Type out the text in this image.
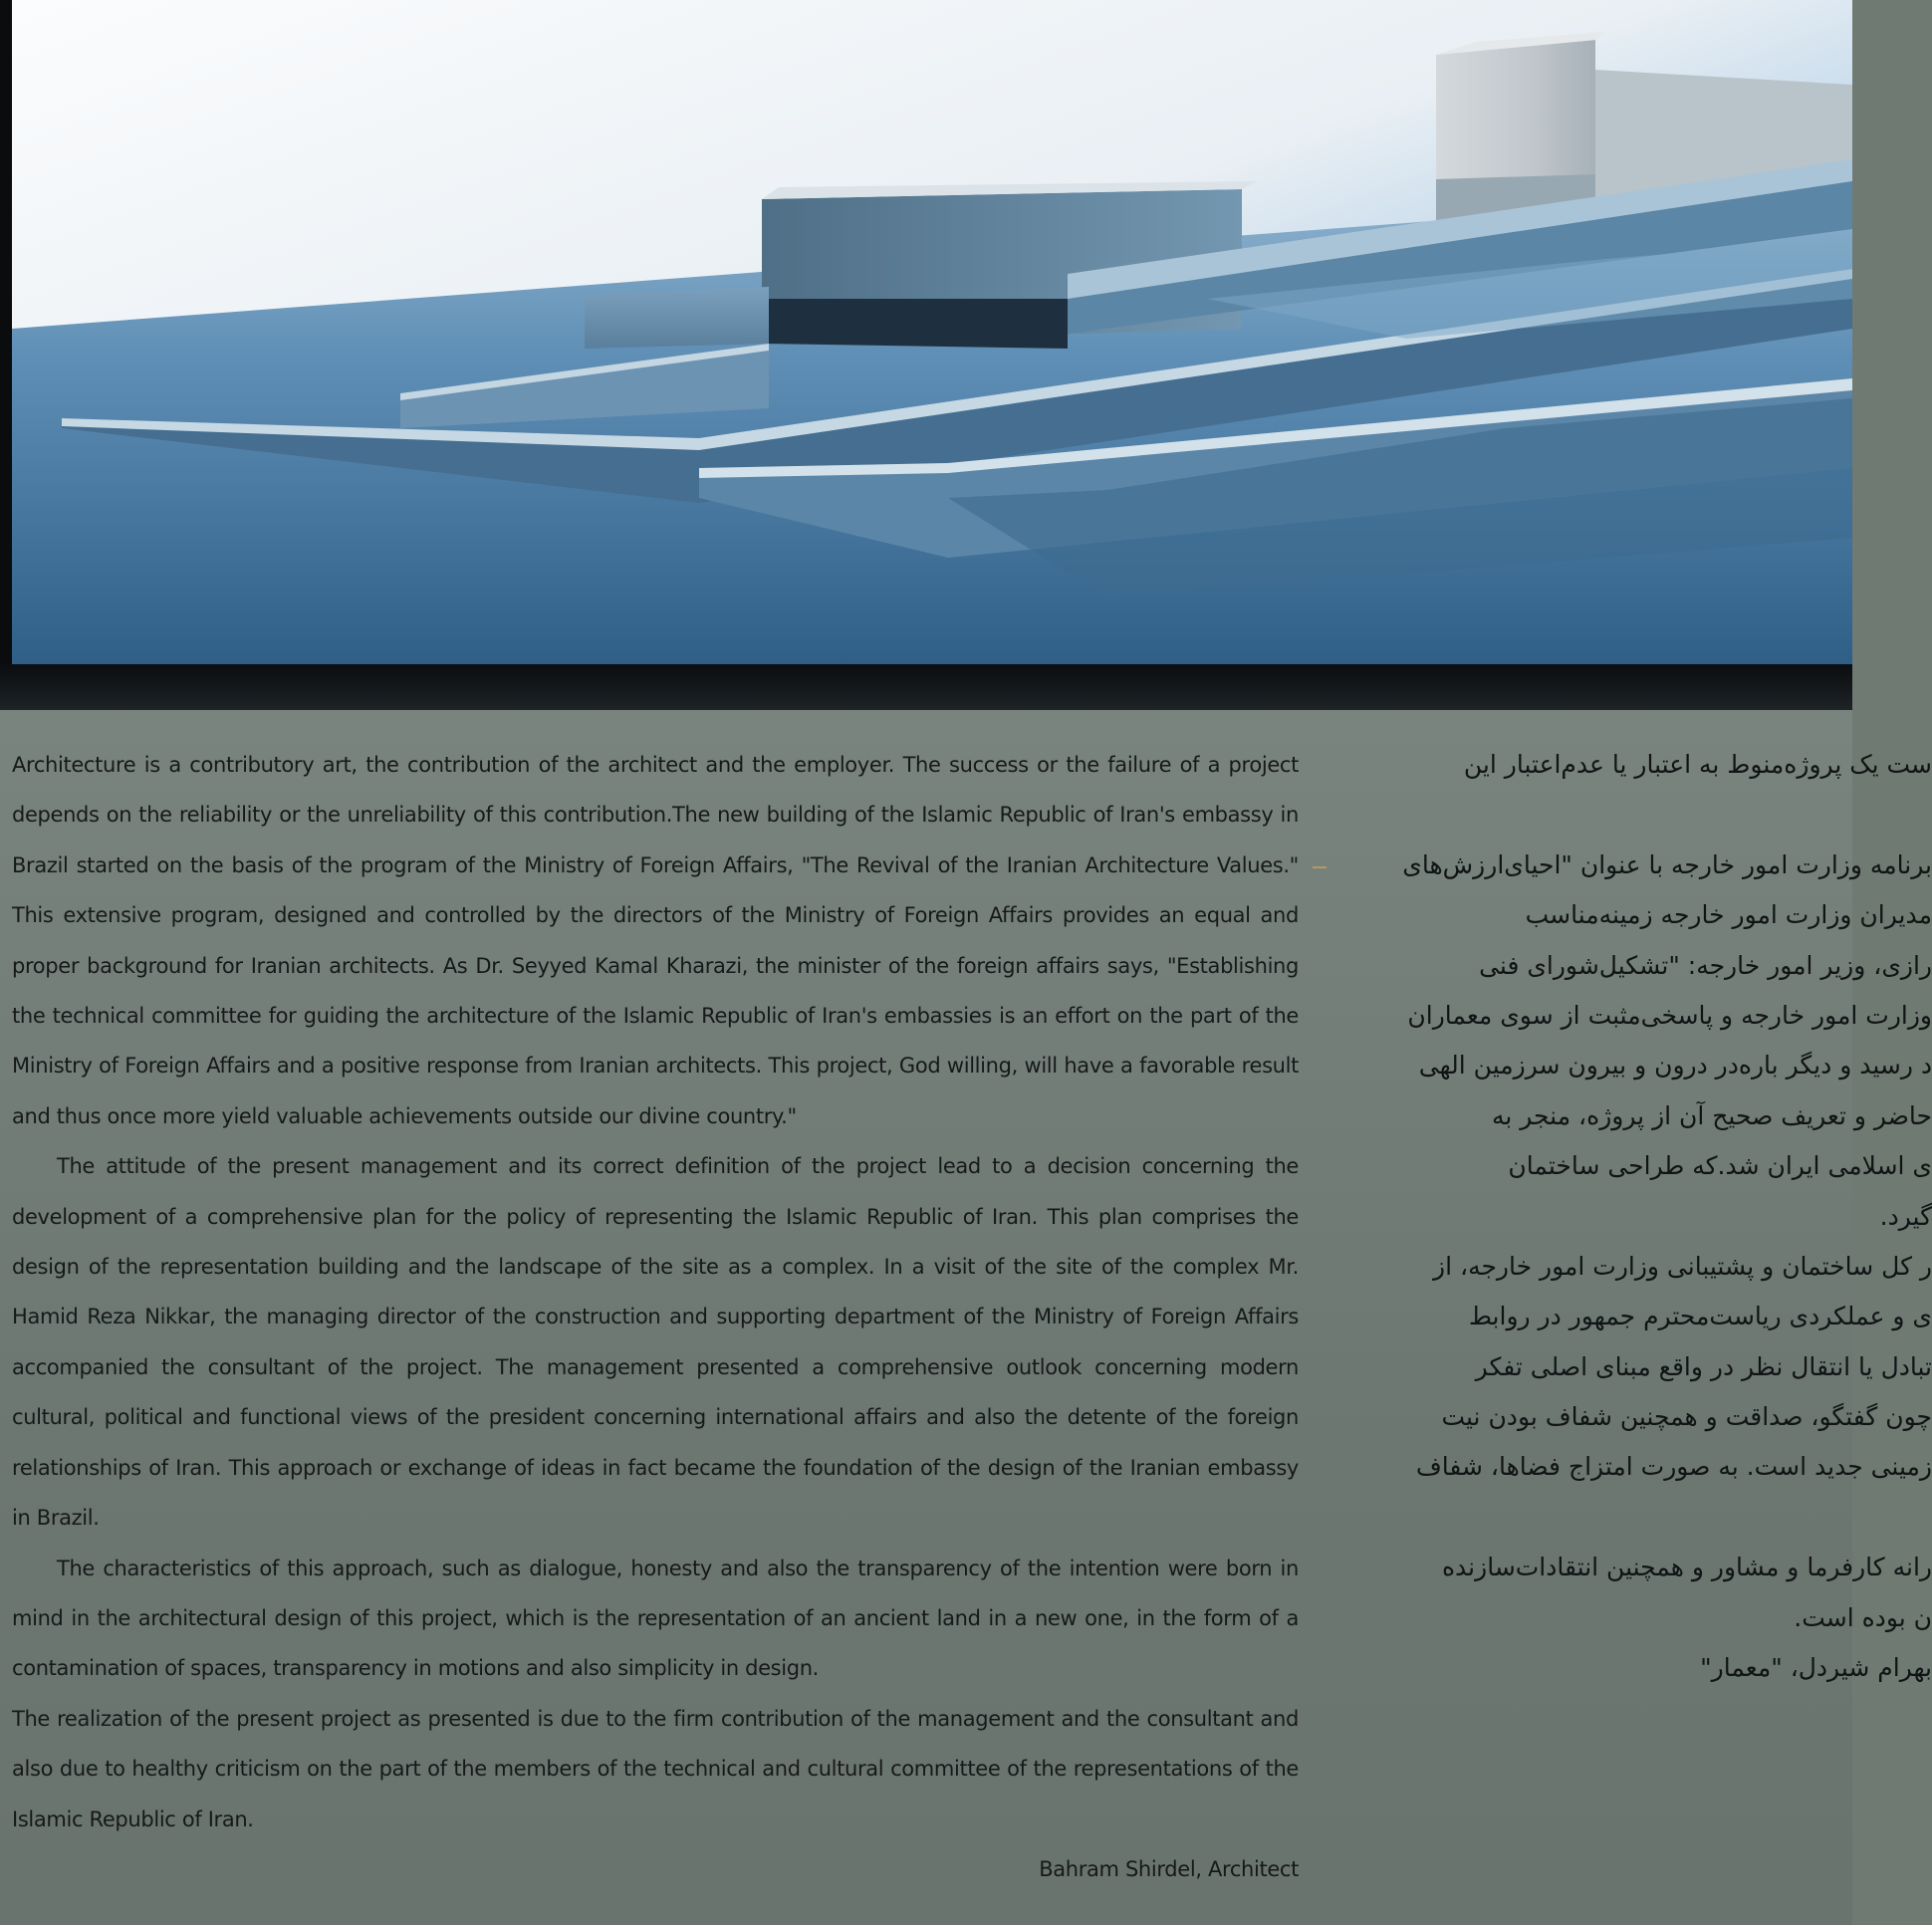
Architecture is a contributory art, the contribution of the architect and the employer. The success or the failure of a project depends on the reliability or the unreliability of this contribution.The new building of the Islamic Republic of Iran's embassy in Brazil started on the basis of the program of the Ministry of Foreign Affairs, "The Revival of the Iranian Architecture Values." This extensive program, designed and controlled by the directors of the Ministry of Foreign Affairs provides an equal and proper background for Iranian architects. As Dr. Seyyed Kamal Kharazi, the minister of the foreign affairs says, "Establishing the technical committee for guiding the architecture of the Islamic Republic of Iran's embassies is an effort on the part of the Ministry of Foreign Affairs and a positive response from Iranian architects. This project, God willing, will have a favorable result and thus once more yield valuable achievements outside our divine country."

The attitude of the present management and its correct definition of the project lead to a decision concerning the development of a comprehensive plan for the policy of representing the Islamic Republic of Iran. This plan comprises the design of the representation building and the landscape of the site as a complex. In a visit of the site of the complex Mr. Hamid Reza Nikkar, the managing director of the construction and supporting department of the Ministry of Foreign Affairs accompanied the consultant of the project. The management presented a comprehensive outlook concerning modern cultural, political and functional views of the president concerning international affairs and also the detente of the foreign relationships of Iran. This approach or exchange of ideas in fact became the foundation of the design of the Iranian embassy in Brazil.

The characteristics of this approach, such as dialogue, honesty and also the transparency of the intention were born in mind in the architectural design of this project, which is the representation of an ancient land in a new one, in the form of a contamination of spaces, transparency in motions and also simplicity in design.

The realization of the present project as presented is due to the firm contribution of the management and the consultant and also due to healthy criticism on the part of the members of the technical and cultural committee of the representations of the Islamic Republic of Iran.

Bahram Shirdel, Architect

ست یک پروژه‌منوط به اعتبار یا عدم‌اعتبار این
برنامه وزارت امور خارجه با عنوان "احیای‌ارزش‌های
مدیران وزارت امور خارجه زمینه‌مناسب
رازی، وزیر امور خارجه: "تشکیل‌شورای فنی
وزارت امور خارجه و پاسخی‌مثبت از سوی معماران
د رسید و دیگر باره‌در درون و بیرون سرزمین الهی
حاضر و تعریف صحیح آن از پروژه، منجر به
ی اسلامی ایران شد.که طراحی ساختمان
گیرد.
ر کل ساختمان و پشتیبانی وزارت امور خارجه، از
ی و عملکردی ریاست‌محترم جمهور در روابط
تبادل یا انتقال نظر در واقع مبنای اصلی تفکر
چون گفتگو، صداقت و همچنین شفاف بودن نیت
زمینی جدید است. به صورت امتزاج فضاها، شفاف
رانه کارفرما و مشاور و همچنین انتقادات‌سازنده
ن بوده است.
بهرام شیردل، "معمار"
